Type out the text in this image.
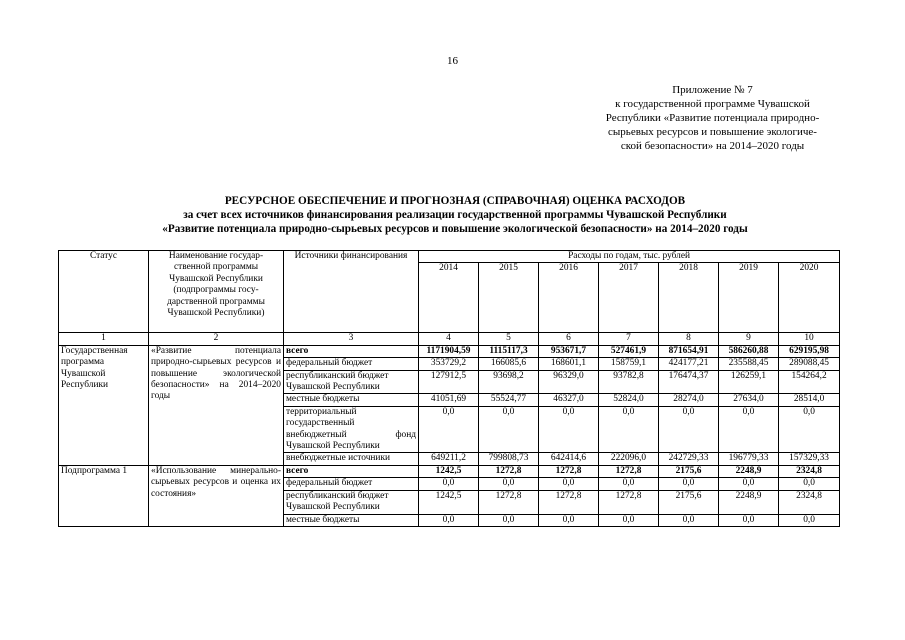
16
Приложение № 7
к государственной программе Чувашской
Республики «Развитие потенциала природно-
сырьевых ресурсов и повышение экологиче-
ской безопасности» на 2014–2020 годы
РЕСУРСНОЕ ОБЕСПЕЧЕНИЕ И ПРОГНОЗНАЯ (СПРАВОЧНАЯ) ОЦЕНКА РАСХОДОВ
за счет всех источников финансирования реализации государственной программы Чувашской Республики
«Развитие потенциала природно-сырьевых ресурсов и повышение экологической безопасности» на 2014–2020 годы
Статус	Наименование государ-ственной программы Чувашской Республики (подпрограммы госу-дарственной программы Чувашской Республики)	Источники финансирования	Расходы по годам, тыс. рублей						
			2014	2015	2016	2017	2018	2019	2020
1	2	3	4	5	6	7	8	9	10
Государственная программа Чувашской Республики	«Развитие потенциала природно-сырьевых ресурсов и повышение экологической безопасности» на 2014–2020 годы	всего	1171904,59	1115117,3	953671,7	527461,9	871654,91	586260,88	629195,98
		федеральный бюджет	353729,2	166085,6	168601,1	158759,1	424177,21	235588,45	289088,45
		республиканский бюджет Чувашской Республики	127912,5	93698,2	96329,0	93782,8	176474,37	126259,1	154264,2
		местные бюджеты	41051,69	55524,77	46327,0	52824,0	28274,0	27634,0	28514,0
		территориальный государственный внебюджетный фонд Чувашской Республики	0,0	0,0	0,0	0,0	0,0	0,0	0,0
		внебюджетные источники	649211,2	799808,73	642414,6	222096,0	242729,33	196779,33	157329,33
Подпрограмма 1	«Использование минерально-сырьевых ресурсов и оценка их состояния»	всего	1242,5	1272,8	1272,8	1272,8	2175,6	2248,9	2324,8
		федеральный бюджет	0,0	0,0	0,0	0,0	0,0	0,0	0,0
		республиканский бюджет Чувашской Республики	1242,5	1272,8	1272,8	1272,8	2175,6	2248,9	2324,8
		местные бюджеты	0,0	0,0	0,0	0,0	0,0	0,0	0,0
